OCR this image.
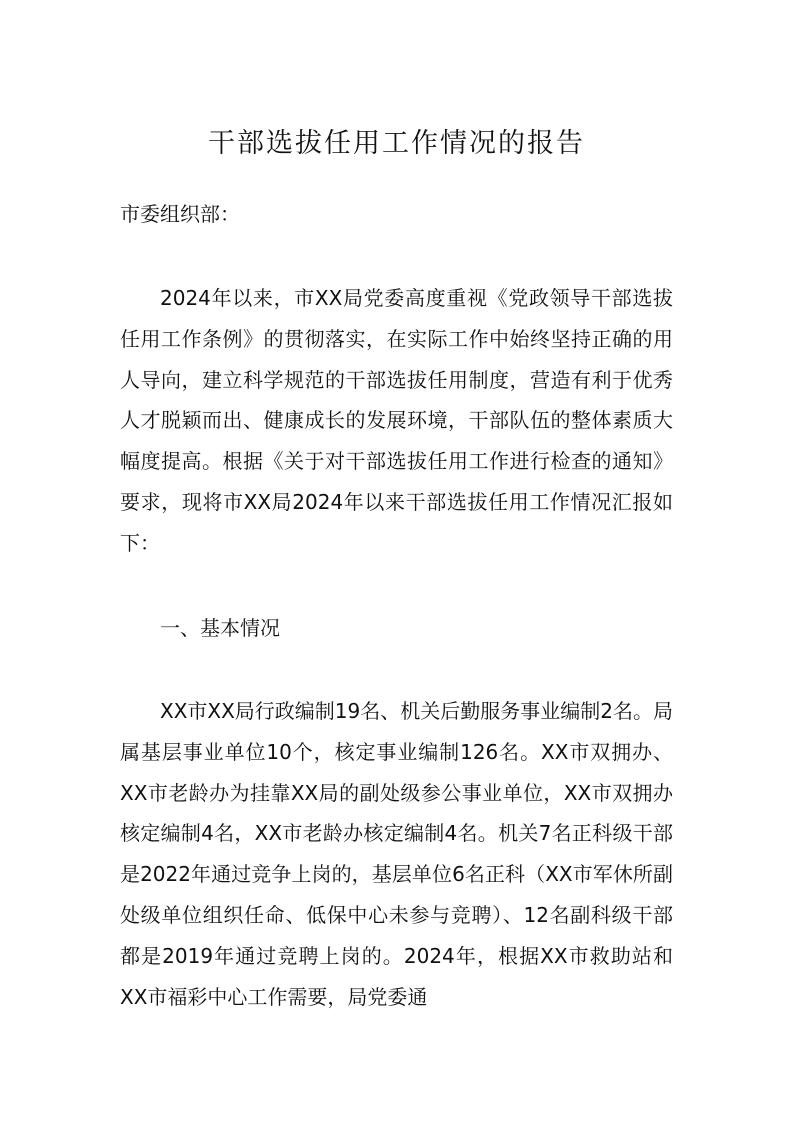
干部选拔任用工作情况的报告
市委组织部：

2024年以来，市XX局党委高度重视《党政领导干部选拔任用工作条例》的贯彻落实，在实际工作中始终坚持正确的用人导向，建立科学规范的干部选拔任用制度，营造有利于优秀人才脱颖而出、健康成长的发展环境，干部队伍的整体素质大幅度提高。根据《关于对干部选拔任用工作进行检查的通知》要求，现将市XX局2024年以来干部选拔任用工作情况汇报如下：

一、基本情况

XX市XX局行政编制19名、机关后勤服务事业编制2名。局属基层事业单位10个，核定事业编制126名。XX市双拥办、XX市老龄办为挂靠XX局的副处级参公事业单位，XX市双拥办核定编制4名，XX市老龄办核定编制4名。机关7名正科级干部是2022年通过竞争上岗的，基层单位6名正科（XX市军休所副处级单位组织任命、低保中心未参与竞聘）、12名副科级干部都是2019年通过竞聘上岗的。2024年，根据XX市救助站和XX市福彩中心工作需要，局党委通
